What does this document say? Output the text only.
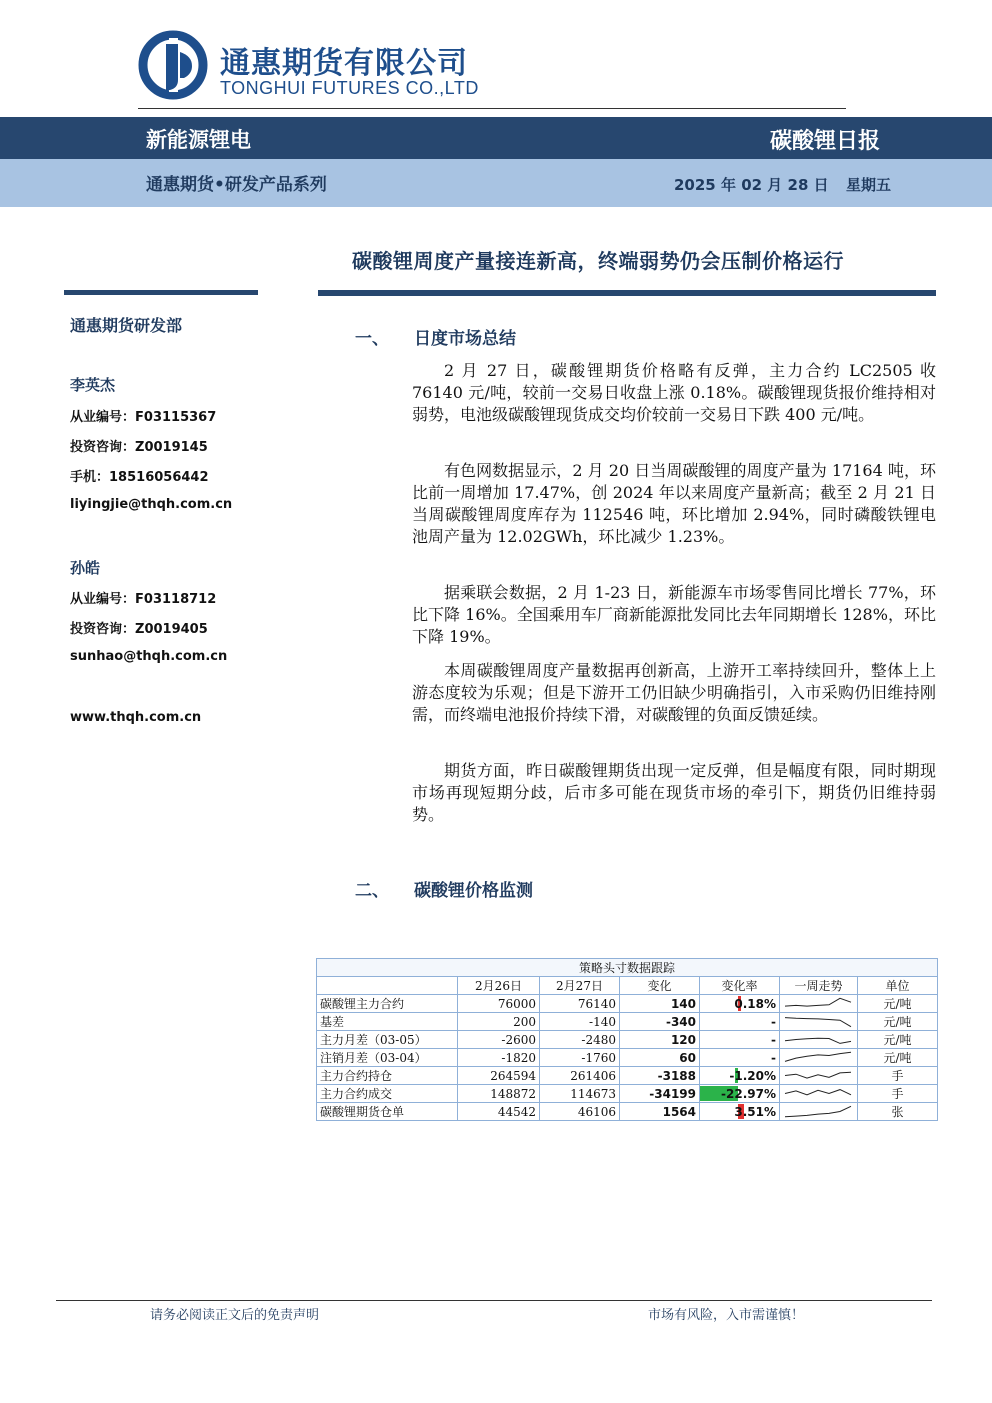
通惠期货有限公司
TONGHUI FUTURES CO.,LTD
新能源锂电	碳酸锂日报
通惠期货•研发产品系列	2025 年 02 月 28 日 星期五
碳酸锂周度产量接连新高，终端弱势仍会压制价格运行
通惠期货研发部
李英杰
从业编号：F03115367
投资咨询：Z0019145
手机：18516056442
liyingjie@thqh.com.cn
孙皓
从业编号：F03118712
投资咨询：Z0019405
sunhao@thqh.com.cn
www.thqh.com.cn
一、 日度市场总结

2 月 27 日，碳酸锂期货价格略有反弹，主力合约 LC2505 收 76140 元/吨，较前一交易日收盘上涨 0.18%。碳酸锂现货报价维持相对弱势，电池级碳酸锂现货成交均价较前一交易日下跌 400 元/吨。

有色网数据显示，2 月 20 日当周碳酸锂的周度产量为 17164 吨，环比前一周增加 17.47%，创 2024 年以来周度产量新高；截至 2 月 21 日当周碳酸锂周度库存为 112546 吨，环比增加 2.94%，同时磷酸铁锂电池周产量为 12.02GWh，环比减少 1.23%。

据乘联会数据，2 月 1-23 日，新能源车市场零售同比增长 77%，环比下降 16%。全国乘用车厂商新能源批发同比去年同期增长 128%，环比下降 19%。

本周碳酸锂周度产量数据再创新高，上游开工率持续回升，整体上上游态度较为乐观；但是下游开工仍旧缺少明确指引，入市采购仍旧维持刚需，而终端电池报价持续下滑，对碳酸锂的负面反馈延续。

期货方面，昨日碳酸锂期货出现一定反弹，但是幅度有限，同时期现市场再现短期分歧，后市多可能在现货市场的牵引下，期货仍旧维持弱势。

二、 碳酸锂价格监测
策略头寸数据跟踪						
	2月26日	2月27日	变化	变化率	一周走势	单位
碳酸锂主力合约	76000	76140	140	0.18%		元/吨
基差	200	-140	-340	-		元/吨
主力月差（03-05）	-2600	-2480	120	-		元/吨
注销月差（03-04）	-1820	-1760	60	-		元/吨
主力合约持仓	264594	261406	-3188	-1.20%		手
主力合约成交	148872	114673	-34199	-22.97%		手
碳酸锂期货仓单	44542	46106	1564	3.51%		张
请务必阅读正文后的免责声明	市场有风险，入市需谨慎！
